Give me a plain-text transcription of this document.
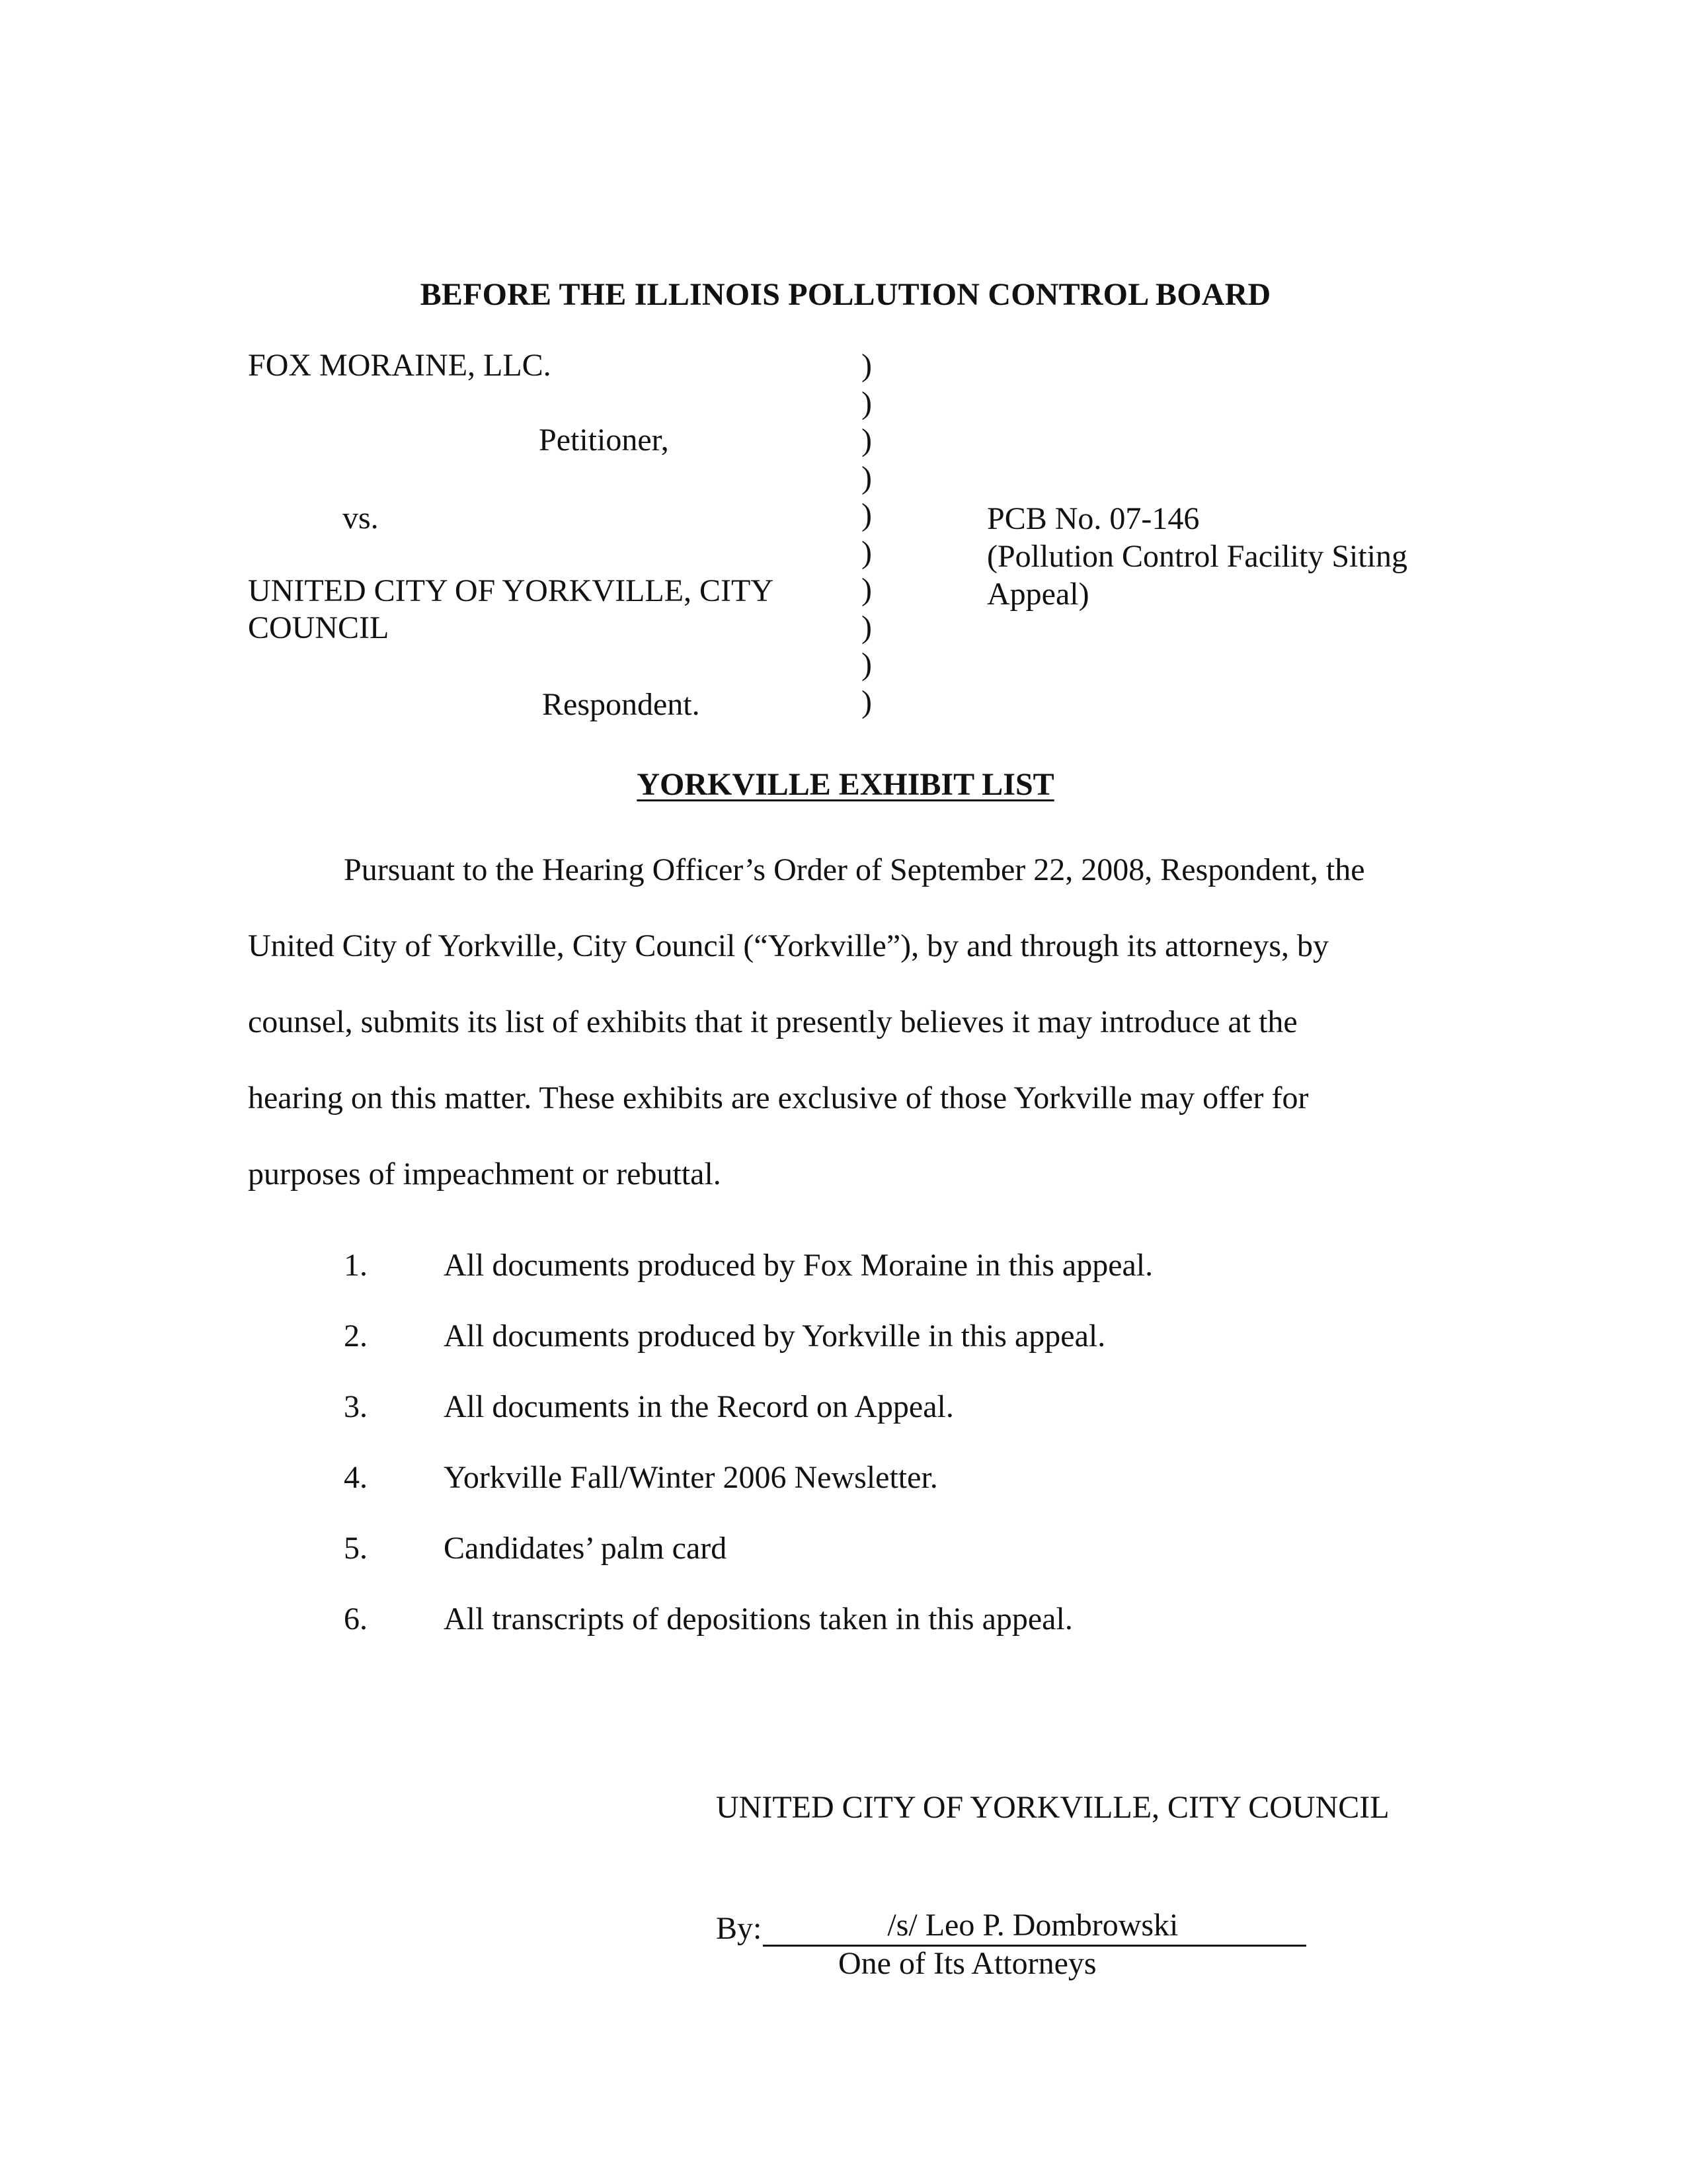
BEFORE THE ILLINOIS POLLUTION CONTROL BOARD
FOX MORAINE, LLC.
Petitioner,
vs.
UNITED CITY OF YORKVILLE, CITY
COUNCIL
Respondent.
)
)
)
)
)
)
)
)
)
)
PCB No. 07-146
(Pollution Control Facility Siting
Appeal)
YORKVILLE EXHIBIT LIST
Pursuant to the Hearing Officer’s Order of September 22, 2008, Respondent, the
United City of Yorkville, City Council (“Yorkville”), by and through its attorneys, by
counsel, submits its list of exhibits that it presently believes it may introduce at the
hearing on this matter. These exhibits are exclusive of those Yorkville may offer for
purposes of impeachment or rebuttal.
1. All documents produced by Fox Moraine in this appeal.
2. All documents produced by Yorkville in this appeal.
3. All documents in the Record on Appeal.
4. Yorkville Fall/Winter 2006 Newsletter.
5. Candidates’ palm card
6. All transcripts of depositions taken in this appeal.
UNITED CITY OF YORKVILLE, CITY COUNCIL
By:	/s/ Leo P. Dombrowski
One of Its Attorneys
